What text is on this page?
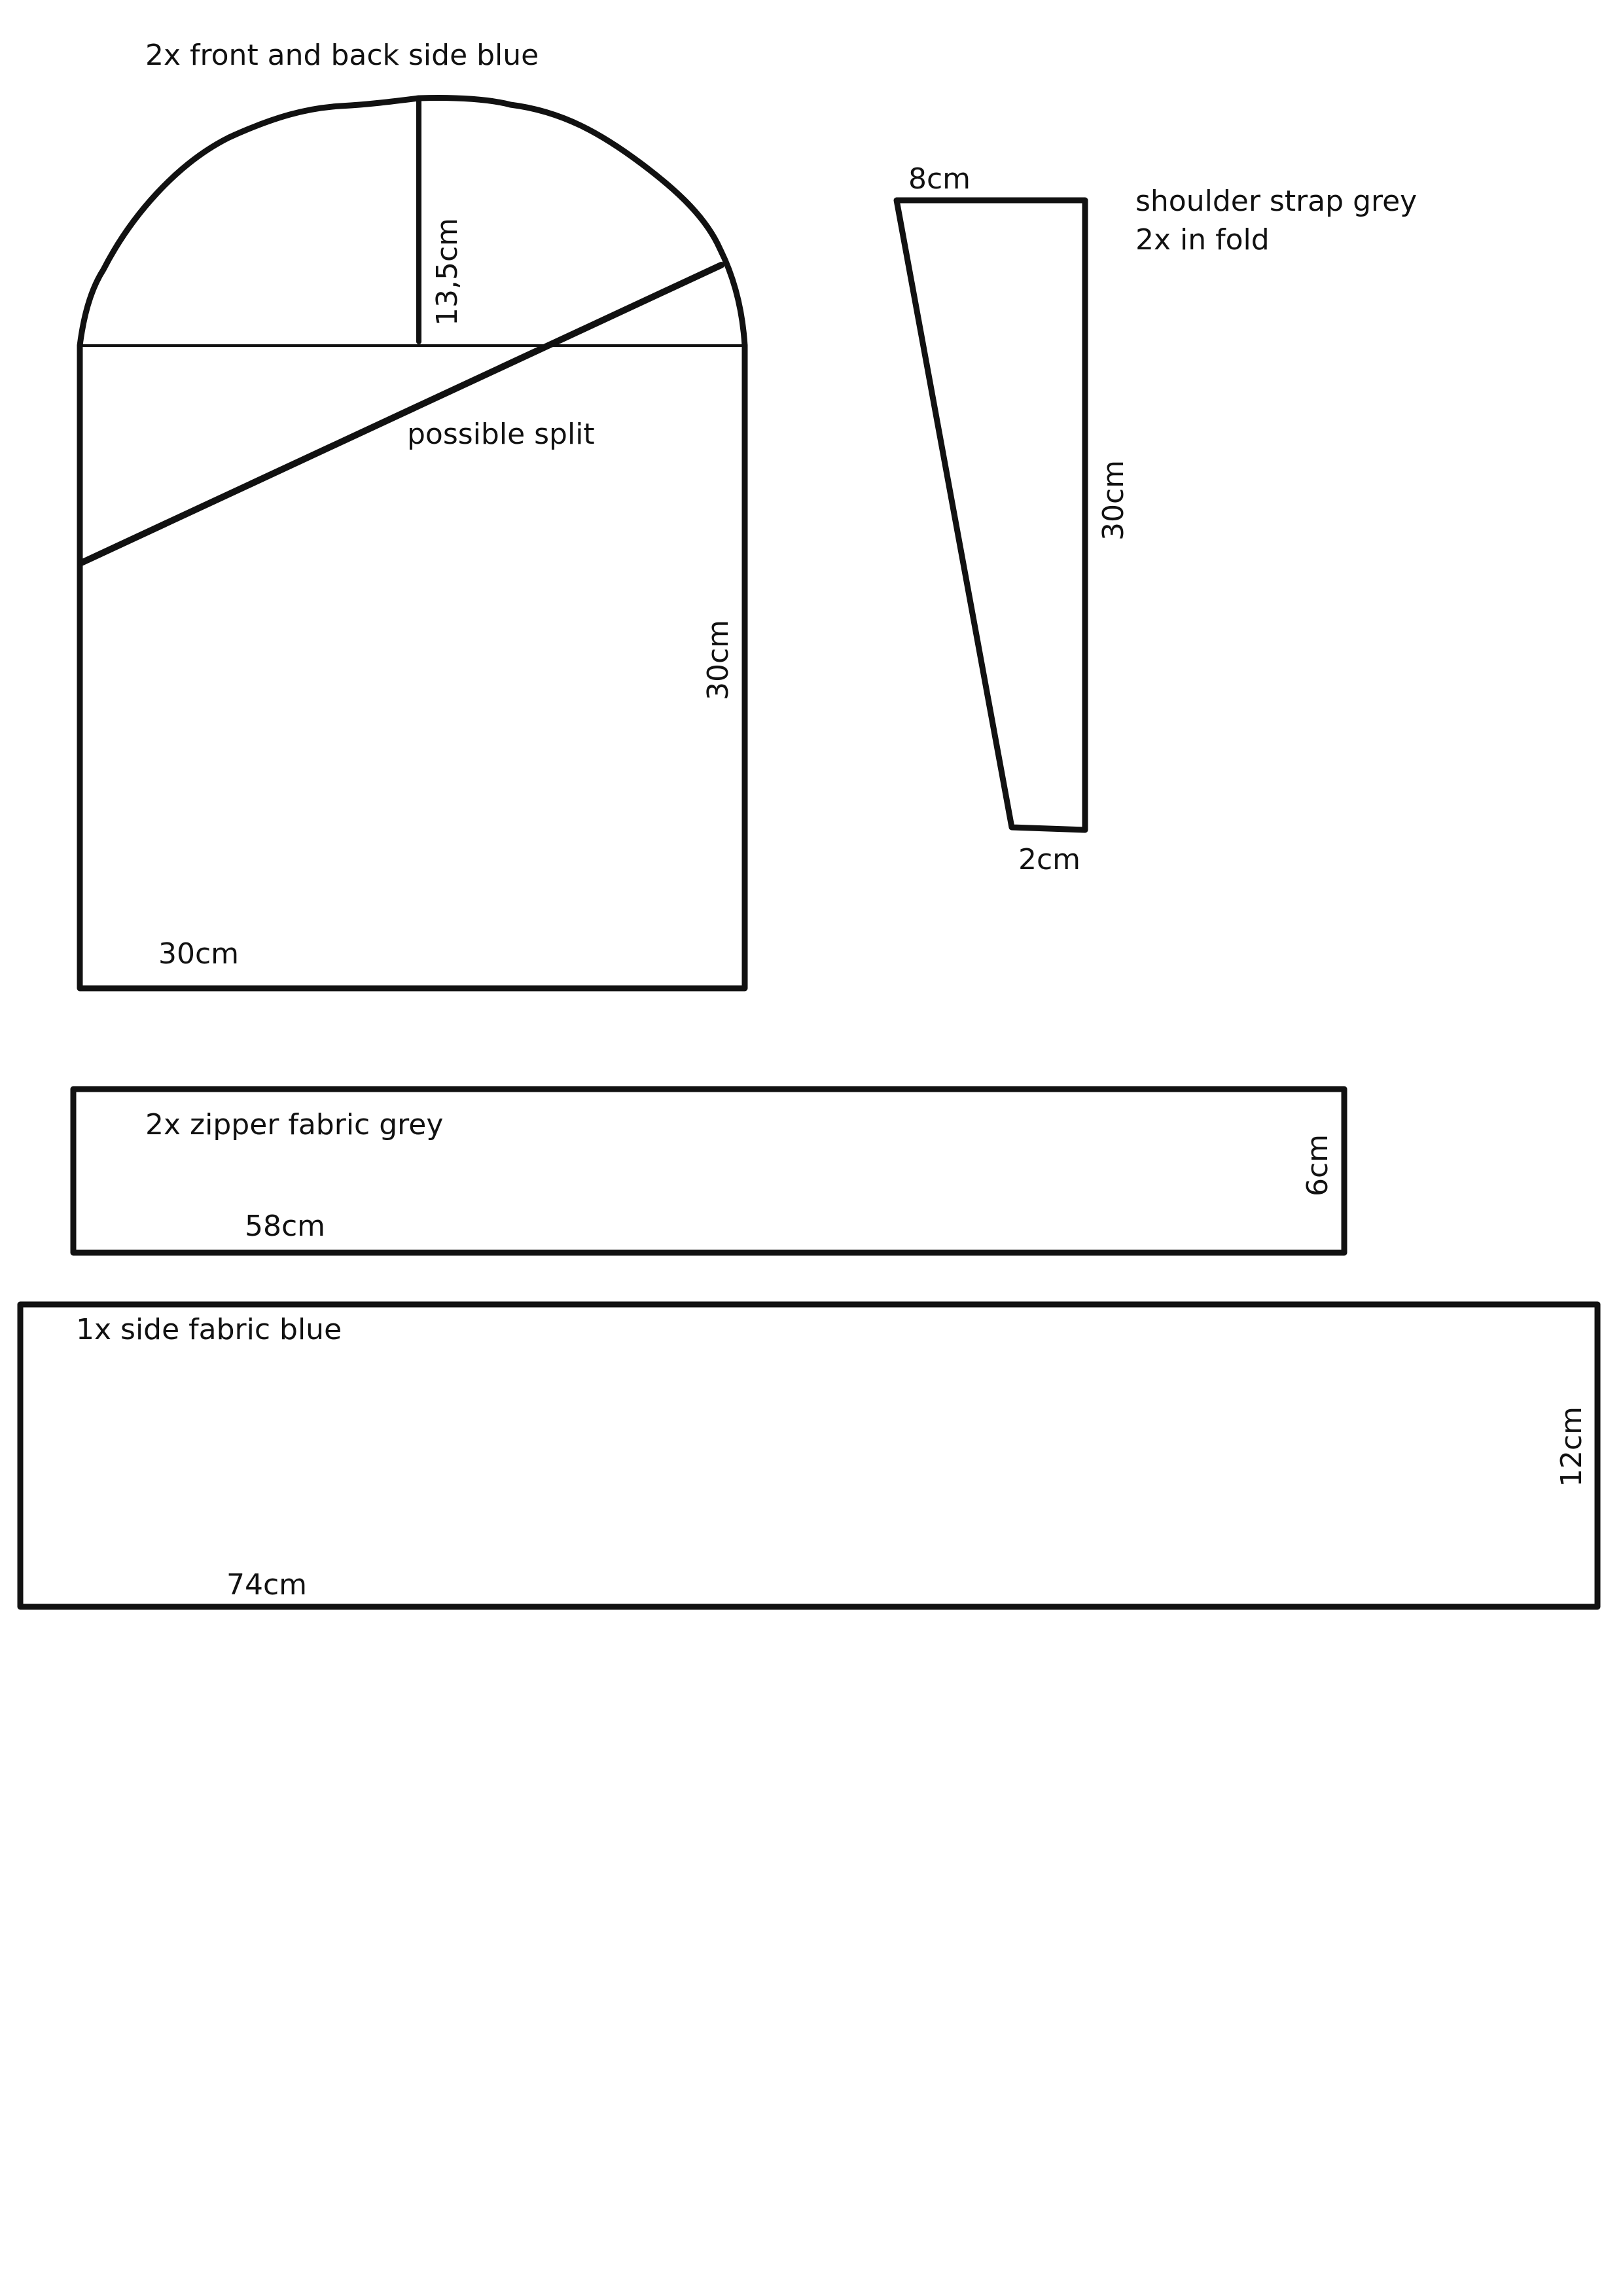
2x front and back side blue
13,5cm
possible split
30cm
30cm
8cm
shoulder strap grey
2x in fold
30cm
2cm
2x zipper fabric grey
58cm
6cm
1x side fabric blue
74cm
12cm
